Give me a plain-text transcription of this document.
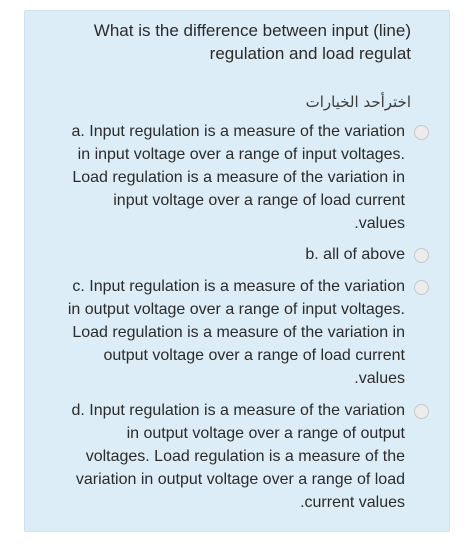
What is the difference between input (line)
regulation and load regulat
اخترأحد الخيارات
a. Input regulation is a measure of the variation
in input voltage over a range of input voltages.
Load regulation is a measure of the variation in
input voltage over a range of load current
.values
b. all of above
c. Input regulation is a measure of the variation
in output voltage over a range of input voltages.
Load regulation is a measure of the variation in
output voltage over a range of load current
.values
d. Input regulation is a measure of the variation
in output voltage over a range of output
voltages. Load regulation is a measure of the
variation in output voltage over a range of load
.current values
